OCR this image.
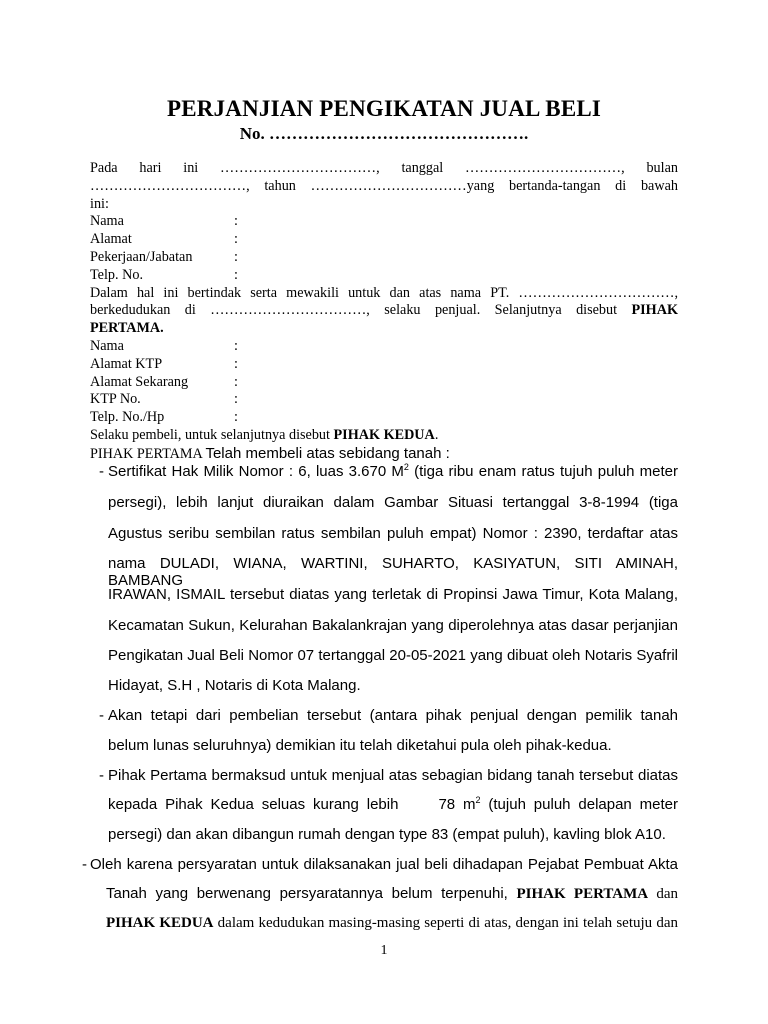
PERJANJIAN PENGIKATAN JUAL BELI
No. ……………………………………….
Pada hari ini ……………………………, tanggal ……………………………, bulan
……………………………, tahun ……………………………yang bertanda-tangan di bawah
ini:
Nama	:
Alamat	:
Pekerjaan/Jabatan	:
Telp. No.	:
Dalam hal ini bertindak serta mewakili untuk dan atas nama PT. ……………………………,
berkedudukan di ……………………………, selaku penjual. Selanjutnya disebut PIHAK
PERTAMA.
Nama	:
Alamat KTP	:
Alamat Sekarang	:
KTP No.	:
Telp. No./Hp	:
Selaku pembeli, untuk selanjutnya disebut PIHAK KEDUA.
PIHAK PERTAMA Telah membeli atas sebidang tanah :
- Sertifikat Hak Milik Nomor : 6, luas 3.670 $M^2$ (tiga ribu enam ratus tujuh puluh meter
persegi), lebih lanjut diuraikan dalam Gambar Situasi tertanggal 3-8-1994 (tiga
Agustus seribu sembilan ratus sembilan puluh empat) Nomor : 2390, terdaftar atas
nama DULADI, WIANA, WARTINI, SUHARTO, KASIYATUN, SITI AMINAH, BAMBANG
IRAWAN, ISMAIL tersebut diatas yang terletak di Propinsi Jawa Timur, Kota Malang,
Kecamatan Sukun, Kelurahan Bakalankrajan yang diperolehnya atas dasar perjanjian
Pengikatan Jual Beli Nomor 07 tertanggal 20-05-2021 yang dibuat oleh Notaris Syafril
Hidayat, S.H , Notaris di Kota Malang.
- Akan tetapi dari pembelian tersebut (antara pihak penjual dengan pemilik tanah
belum lunas seluruhnya) demikian itu telah diketahui pula oleh pihak-kedua.
- Pihak Pertama bermaksud untuk menjual atas sebagian bidang tanah tersebut diatas
kepada Pihak Kedua seluas kurang lebih	78 $m^2$ (tujuh puluh delapan meter
persegi) dan akan dibangun rumah dengan type 83 (empat puluh), kavling blok A10.
- Oleh karena persyaratan untuk dilaksanakan jual beli dihadapan Pejabat Pembuat Akta
Tanah yang berwenang persyaratannya belum terpenuhi, PIHAK PERTAMA dan
PIHAK KEDUA dalam kedudukan masing-masing seperti di atas, dengan ini telah setuju dan
1
